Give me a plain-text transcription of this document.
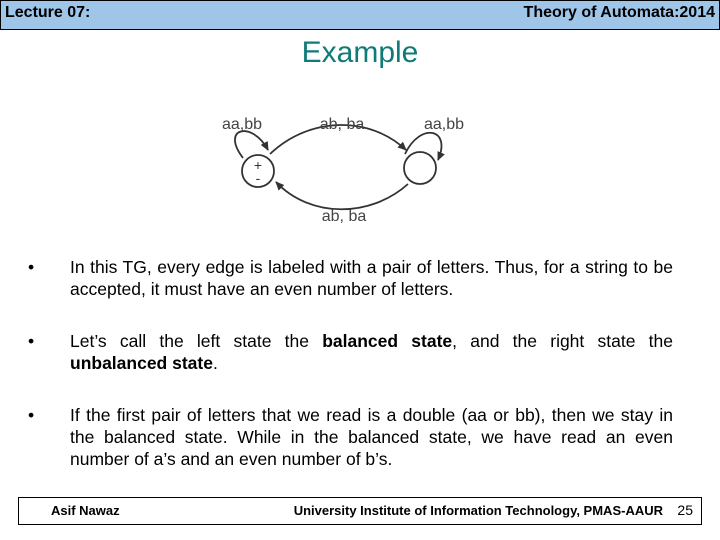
Lecture 07:	Theory of Automata:2014
Example
+
-
aa,bb	aa,bb
ab, ba
ab, ba
• In this TG, every edge is labeled with a pair of letters. Thus, for a string to be accepted, it must have an even number of letters.
• Let’s call the left state the balanced state, and the right state the unbalanced state.
• If the first pair of letters that we read is a double (aa or bb), then we stay in the balanced state. While in the balanced state, we have read an even number of a’s and an even number of b’s.
Asif Nawaz	University Institute of Information Technology, PMAS-AAUR 25
